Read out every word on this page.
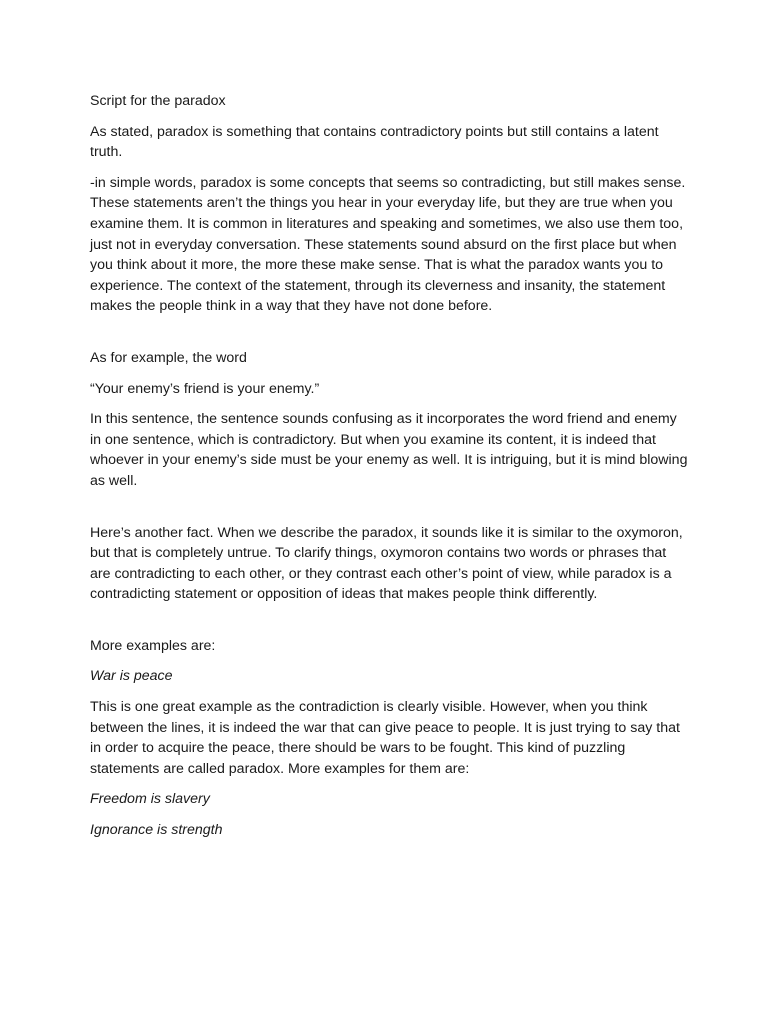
Script for the paradox

As stated, paradox is something that contains contradictory points but still contains a latent truth.

-in simple words, paradox is some concepts that seems so contradicting, but still makes sense. These statements aren’t the things you hear in your everyday life, but they are true when you examine them. It is common in literatures and speaking and sometimes, we also use them too, just not in everyday conversation. These statements sound absurd on the first place but when you think about it more, the more these make sense. That is what the paradox wants you to experience. The context of the statement, through its cleverness and insanity, the statement makes the people think in a way that they have not done before.

As for example, the word

“Your enemy’s friend is your enemy.”

In this sentence, the sentence sounds confusing as it incorporates the word friend and enemy in one sentence, which is contradictory. But when you examine its content, it is indeed that whoever in your enemy’s side must be your enemy as well. It is intriguing, but it is mind blowing as well.

Here’s another fact. When we describe the paradox, it sounds like it is similar to the oxymoron, but that is completely untrue. To clarify things, oxymoron contains two words or phrases that are contradicting to each other, or they contrast each other’s point of view, while paradox is a contradicting statement or opposition of ideas that makes people think differently.

More examples are:

War is peace

This is one great example as the contradiction is clearly visible. However, when you think between the lines, it is indeed the war that can give peace to people. It is just trying to say that in order to acquire the peace, there should be wars to be fought. This kind of puzzling statements are called paradox. More examples for them are:

Freedom is slavery

Ignorance is strength
